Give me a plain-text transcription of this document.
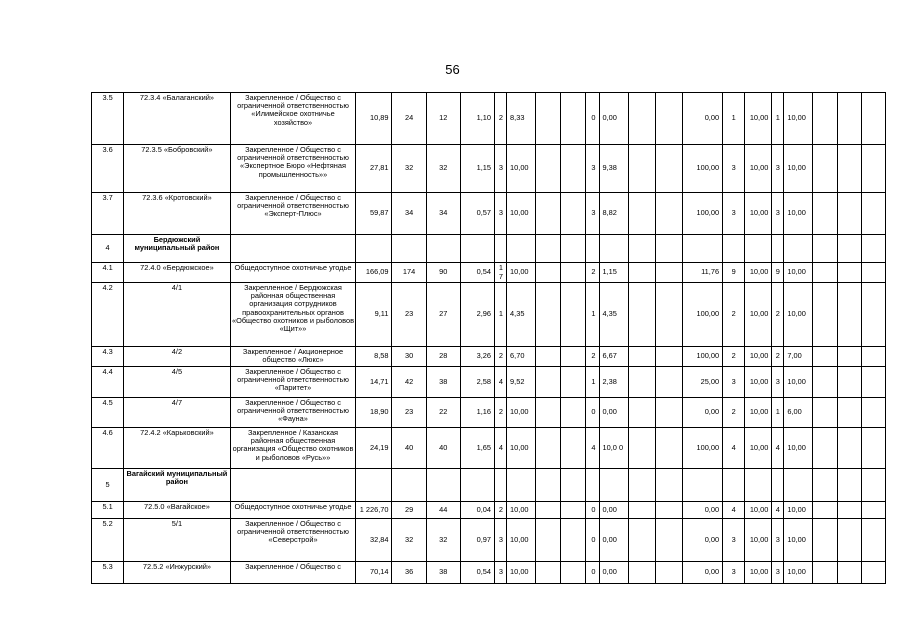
56
3.5	72.3.4 «Балаганский»	Закрепленное / Общество с ограниченной ответственностью «Илимейское охотничье хозяйство»	10,89	24	12	1,10	2	8,33			0	0,00			0,00	1	10,00	1	10,00			
3.6	72.3.5 «Бобровский»	Закрепленное / Общество с ограниченной ответственностью «Экспертное Бюро «Нефтяная промышленность»»	27,81	32	32	1,15	3	10,00			3	9,38			100,00	3	10,00	3	10,00			
3.7	72.3.6 «Кротовский»	Закрепленное / Общество с ограниченной ответственностью «Эксперт-Плюс»	59,87	34	34	0,57	3	10,00			3	8,82			100,00	3	10,00	3	10,00			
4	Бердюжский муниципальный район																					
4.1	72.4.0 «Бердюжское»	Общедоступное охотничье угодье	166,09	174	90	0,54	17	10,00			2	1,15			11,76	9	10,00	9	10,00			
4.2	4/1	Закрепленное / Бердюжская районная общественная организация сотрудников правоохранительных органов «Общество охотников и рыболовов «Щит»»	9,11	23	27	2,96	1	4,35			1	4,35			100,00	2	10,00	2	10,00			
4.3	4/2	Закрепленное / Акционерное общество «Люкс»	8,58	30	28	3,26	2	6,70			2	6,67			100,00	2	10,00	2	7,00			
4.4	4/5	Закрепленное / Общество с ограниченной ответственностью «Паритет»	14,71	42	38	2,58	4	9,52			1	2,38			25,00	3	10,00	3	10,00			
4.5	4/7	Закрепленное / Общество с ограниченной ответственностью «Фауна»	18,90	23	22	1,16	2	10,00			0	0,00			0,00	2	10,00	1	6,00			
4.6	72.4.2 «Карьковский»	Закрепленное / Казанская районная общественная организация «Общество охотников и рыболовов «Русь»»	24,19	40	40	1,65	4	10,00			4	10,0 0			100,00	4	10,00	4	10,00			
5	Вагайский муниципальный район																					
5.1	72.5.0 «Вагайское»	Общедоступное охотничье угодье	1 226,70	29	44	0,04	2	10,00			0	0,00			0,00	4	10,00	4	10,00			
5.2	5/1	Закрепленное / Общество с ограниченной ответственностью «Северстрой»	32,84	32	32	0,97	3	10,00			0	0,00			0,00	3	10,00	3	10,00			
5.3	72.5.2 «Инжурский»	Закрепленное / Общество с	70,14	36	38	0,54	3	10,00			0	0,00			0,00	3	10,00	3	10,00			
